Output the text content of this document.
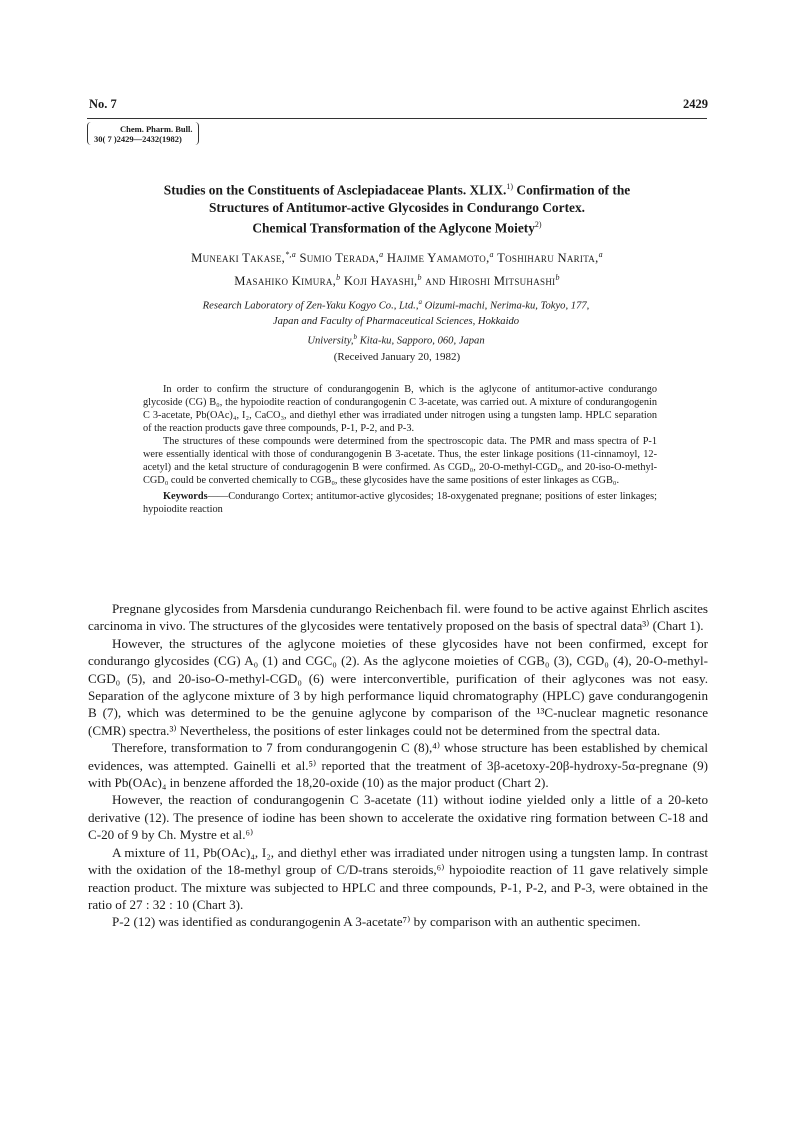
No. 7	2429
Chem. Pharm. Bull.
30( 7 )2429—2432(1982)
Studies on the Constituents of Asclepiadaceae Plants. XLIX.$^{1)}$ Confirmation of the
Structures of Antitumor-active Glycosides in Condurango Cortex.
Chemical Transformation of the Aglycone Moiety$^{2)}$
Muneaki Takase,$^{*,a}$ Sumio Terada,$^a$ Hajime Yamamoto,$^a$ Toshiharu Narita,$^a$
Masahiko Kimura,$^b$ Koji Hayashi,$^b$ and Hiroshi Mitsuhashi$^b$
Research Laboratory of Zen-Yaku Kogyo Co., Ltd.,$^a$ Oizumi-machi, Nerima-ku, Tokyo, 177,
Japan and Faculty of Pharmaceutical Sciences, Hokkaido
University,$^b$ Kita-ku, Sapporo, 060, Japan
(Received January 20, 1982)

In order to confirm the structure of condurangogenin B, which is the aglycone of antitumor-active condurango glycoside (CG) B₀, the hypoiodite reaction of condurangogenin C 3-acetate, was carried out. A mixture of condurangogenin C 3-acetate, Pb(OAc)₄, I₂, CaCO₃, and diethyl ether was irradiated under nitrogen using a tungsten lamp. HPLC separation of the reaction products gave three compounds, P-1, P-2, and P-3.

The structures of these compounds were determined from the spectroscopic data. The PMR and mass spectra of P-1 were essentially identical with those of condurangogenin B 3-acetate. Thus, the ester linkage positions (11-cinnamoyl, 12-acetyl) and the ketal structure of conduragogenin B were confirmed. As CGD₀, 20-O-methyl-CGD₀, and 20-iso-O-methyl-CGD₀ could be converted chemically to CGB₀, these glycosides have the same positions of ester linkages as CGB₀.

Keywords——Condurango Cortex; antitumor-active glycosides; 18-oxygenated pregnane; positions of ester linkages; hypoiodite reaction

Pregnane glycosides from Marsdenia cundurango Reichenbach fil. were found to be active against Ehrlich ascites carcinoma in vivo. The structures of the glycosides were tentatively proposed on the basis of spectral data³⁾ (Chart 1).

However, the structures of the aglycone moieties of these glycosides have not been confirmed, except for condurango glycosides (CG) A₀ (1) and CGC₀ (2). As the aglycone moieties of CGB₀ (3), CGD₀ (4), 20-O-methyl-CGD₀ (5), and 20-iso-O-methyl-CGD₀ (6) were interconvertible, purification of their aglycones was not easy. Separation of the aglycone mixture of 3 by high performance liquid chromatography (HPLC) gave condurangogenin B (7), which was determined to be the genuine aglycone by comparison of the ¹³C-nuclear magnetic resonance (CMR) spectra.³⁾ Nevertheless, the positions of ester linkages could not be determined from the spectral data.

Therefore, transformation to 7 from condurangogenin C (8),⁴⁾ whose structure has been established by chemical evidences, was attempted. Gainelli et al.⁵⁾ reported that the treatment of 3β-acetoxy-20β-hydroxy-5α-pregnane (9) with Pb(OAc)₄ in benzene afforded the 18,20-oxide (10) as the major product (Chart 2).

However, the reaction of condurangogenin C 3-acetate (11) without iodine yielded only a little of a 20-keto derivative (12). The presence of iodine has been shown to accelerate the oxidative ring formation between C-18 and C-20 of 9 by Ch. Mystre et al.⁶⁾

A mixture of 11, Pb(OAc)₄, I₂, and diethyl ether was irradiated under nitrogen using a tungsten lamp. In contrast with the oxidation of the 18-methyl group of C/D-trans steroids,⁶⁾ hypoiodite reaction of 11 gave relatively simple reaction product. The mixture was subjected to HPLC and three compounds, P-1, P-2, and P-3, were obtained in the ratio of 27 : 32 : 10 (Chart 3).

P-2 (12) was identified as condurangogenin A 3-acetate⁷⁾ by comparison with an authentic specimen.
